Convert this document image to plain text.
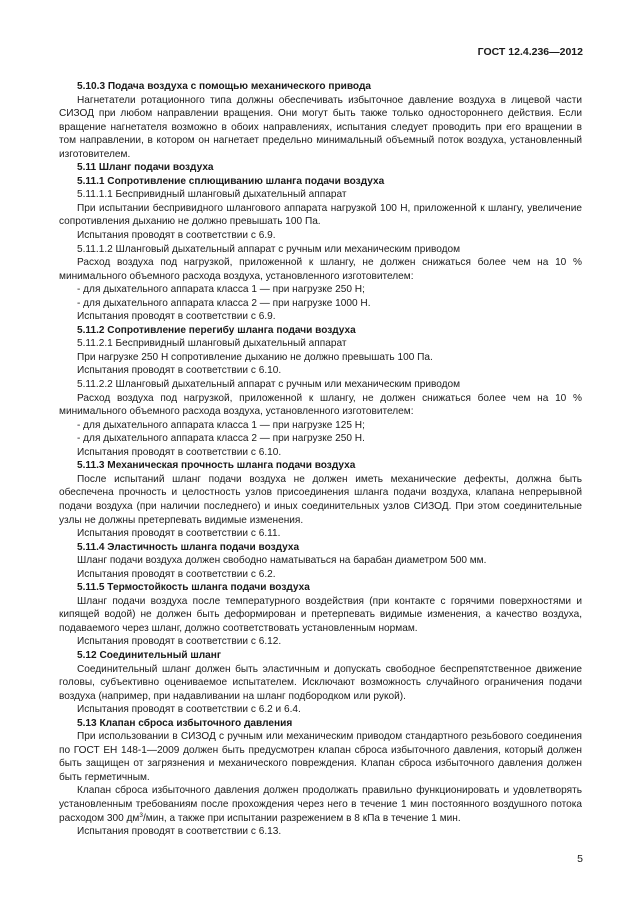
ГОСТ 12.4.236—2012

5.10.3 Подача воздуха с помощью механического привода

Нагнетатели ротационного типа должны обеспечивать избыточное давление воздуха в лицевой части СИЗОД при любом направлении вращения. Они могут быть также только одностороннего действия. Если вращение нагнетателя возможно в обоих направлениях, испытания следует проводить при его вращении в том направлении, в котором он нагнетает предельно минимальный объемный поток воздуха, установленный изготовителем.

5.11 Шланг подачи воздуха

5.11.1 Сопротивление сплющиванию шланга подачи воздуха

5.11.1.1 Беспривидный шланговый дыхательный аппарат

При испытании беспривидного шлангового аппарата нагрузкой 100 Н, приложенной к шлангу, увеличение сопротивления дыханию не должно превышать 100 Па.

Испытания проводят в соответствии с 6.9.

5.11.1.2 Шланговый дыхательный аппарат с ручным или механическим приводом

Расход воздуха под нагрузкой, приложенной к шлангу, не должен снижаться более чем на 10 % минимального объемного расхода воздуха, установленного изготовителем:

- для дыхательного аппарата класса 1 — при нагрузке 250 Н;

- для дыхательного аппарата класса 2 — при нагрузке 1000 Н.

Испытания проводят в соответствии с 6.9.

5.11.2 Сопротивление перегибу шланга подачи воздуха

5.11.2.1 Беспривидный шланговый дыхательный аппарат

При нагрузке 250 Н сопротивление дыханию не должно превышать 100 Па.

Испытания проводят в соответствии с 6.10.

5.11.2.2 Шланговый дыхательный аппарат с ручным или механическим приводом

Расход воздуха под нагрузкой, приложенной к шлангу, не должен снижаться более чем на 10 % минимального объемного расхода воздуха, установленного изготовителем:

- для дыхательного аппарата класса 1 — при нагрузке 125 Н;

- для дыхательного аппарата класса 2 — при нагрузке 250 Н.

Испытания проводят в соответствии с 6.10.

5.11.3 Механическая прочность шланга подачи воздуха

После испытаний шланг подачи воздуха не должен иметь механические дефекты, должна быть обеспечена прочность и целостность узлов присоединения шланга подачи воздуха, клапана непрерывной подачи воздуха (при наличии последнего) и иных соединительных узлов СИЗОД. При этом соединительные узлы не должны претерпевать видимые изменения.

Испытания проводят в соответствии с 6.11.

5.11.4 Эластичность шланга подачи воздуха

Шланг подачи воздуха должен свободно наматываться на барабан диаметром 500 мм.

Испытания проводят в соответствии с 6.2.

5.11.5 Термостойкость шланга подачи воздуха

Шланг подачи воздуха после температурного воздействия (при контакте с горячими поверхностями и кипящей водой) не должен быть деформирован и претерпевать видимые изменения, а качество воздуха, подаваемого через шланг, должно соответствовать установленным нормам.

Испытания проводят в соответствии с 6.12.

5.12 Соединительный шланг

Соединительный шланг должен быть эластичным и допускать свободное беспрепятственное движение головы, субъективно оцениваемое испытателем. Исключают возможность случайного ограничения подачи воздуха (например, при надавливании на шланг подбородком или рукой).

Испытания проводят в соответствии с 6.2 и 6.4.

5.13 Клапан сброса избыточного давления

При использовании в СИЗОД с ручным или механическим приводом стандартного резьбового соединения по ГОСТ ЕН 148-1—2009 должен быть предусмотрен клапан сброса избыточного давления, который должен быть защищен от загрязнения и механического повреждения. Клапан сброса избыточного давления должен быть герметичным.

Клапан сброса избыточного давления должен продолжать правильно функционировать и удовлетворять установленным требованиям после прохождения через него в течение 1 мин постоянного воздушного потока расходом 300 $дм^3$/мин, а также при испытании разрежением в 8 кПа в течение 1 мин.

Испытания проводят в соответствии с 6.13.

5
